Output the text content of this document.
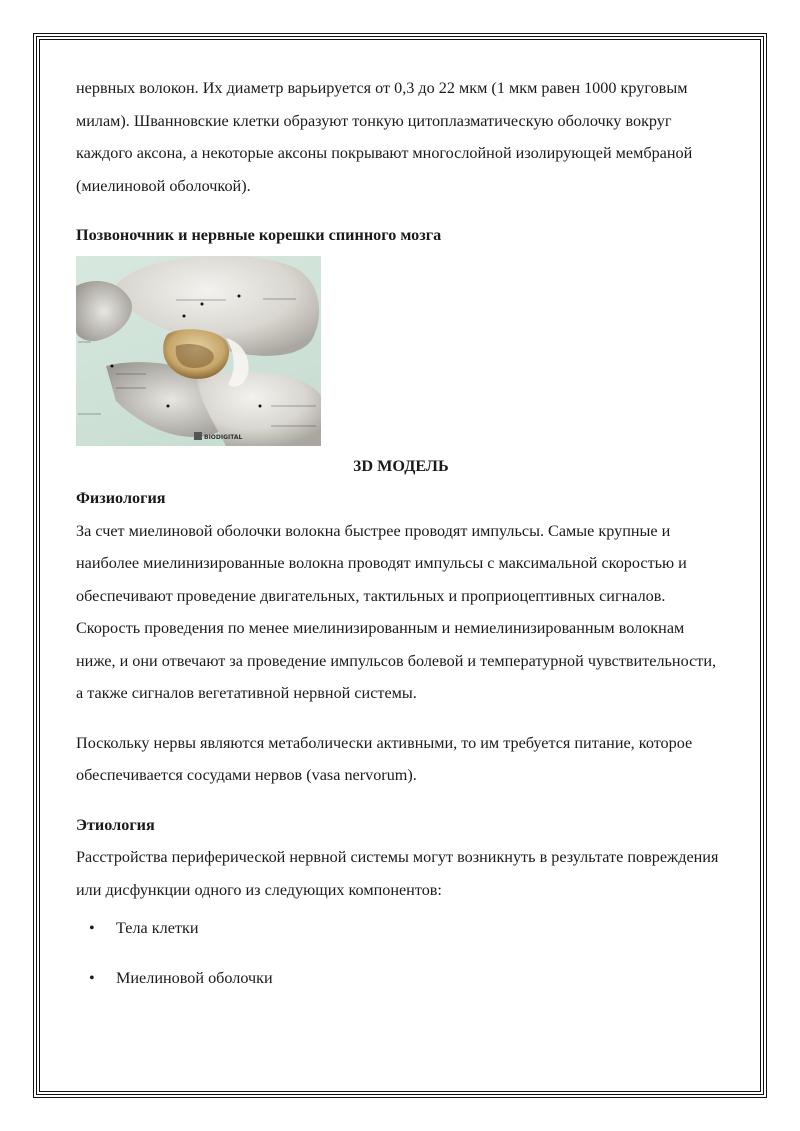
нервных волокон. Их диаметр варьируется от 0,3 до 22 мкм (1 мкм равен 1000 круговым милам). Шванновские клетки образуют тонкую цитоплазматическую оболочку вокруг каждого аксона, а некоторые аксоны покрывают многослойной изолирующей мембраной (миелиновой оболочкой).

Позвоночник и нервные корешки спинного мозга

BIODIGITAL

3D МОДЕЛЬ

Физиология

За счет миелиновой оболочки волокна быстрее проводят импульсы. Самые крупные и наиболее миелинизированные волокна проводят импульсы с максимальной скоростью и обеспечивают проведение двигательных, тактильных и проприоцептивных сигналов. Скорость проведения по менее миелинизированным и немиелинизированным волокнам ниже, и они отвечают за проведение импульсов болевой и температурной чувствительности, а также сигналов вегетативной нервной системы.

Поскольку нервы являются метаболически активными, то им требуется питание, которое обеспечивается сосудами нервов (vasa nervorum).

Этиология

Расстройства периферической нервной системы могут возникнуть в результате повреждения или дисфункции одного из следующих компонентов:

• Тела клетки
• Миелиновой оболочки
